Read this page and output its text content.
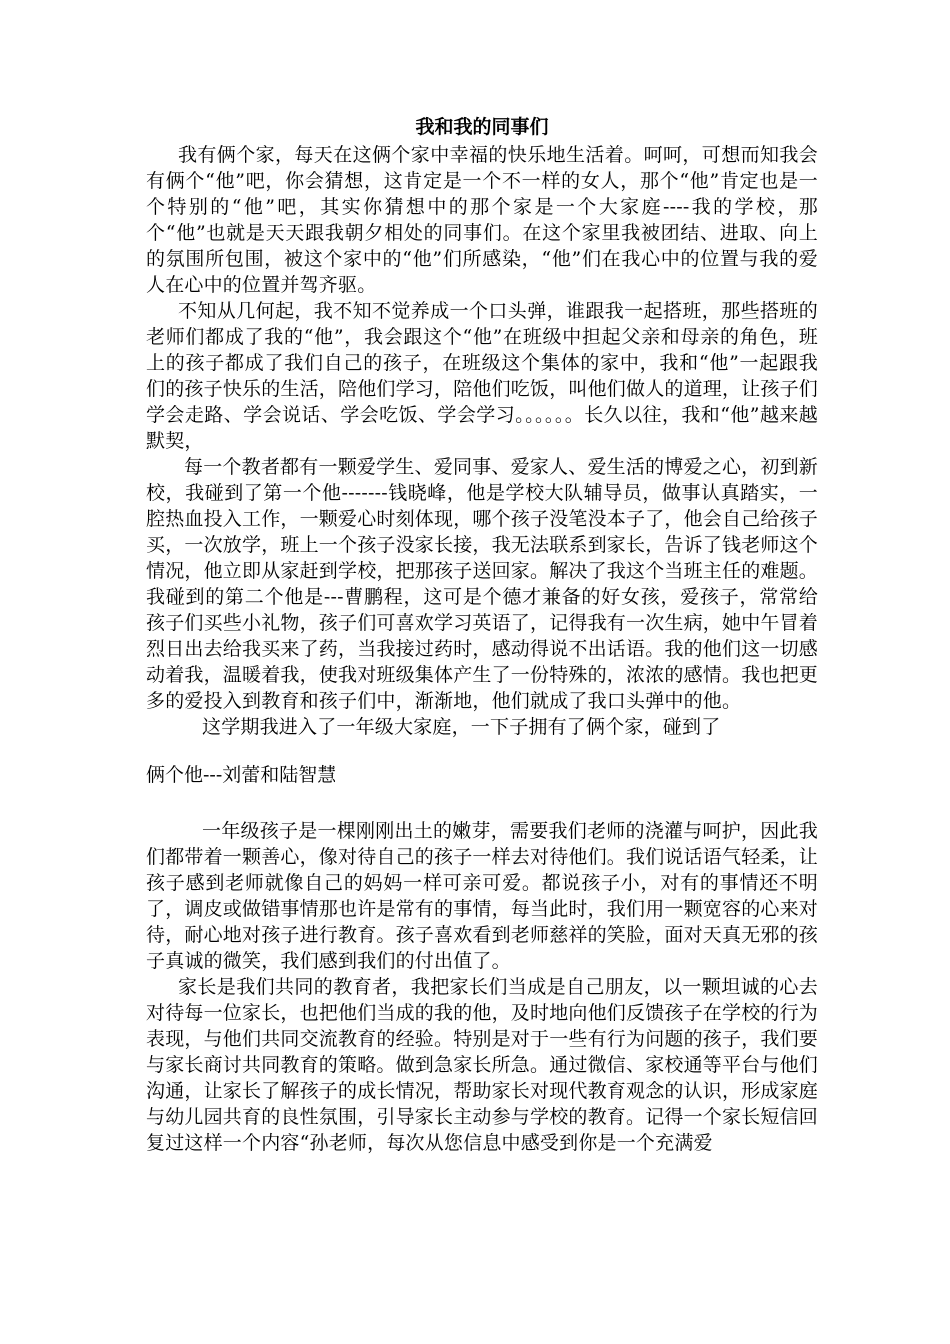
我和我的同事们

我有俩个家，每天在这俩个家中幸福的快乐地生活着。呵呵，可想而知我会有俩个“他”吧，你会猜想，这肯定是一个不一样的女人，那个“他”肯定也是一个特别的“他”吧，其实你猜想中的那个家是一个大家庭----我的学校，那个“他”也就是天天跟我朝夕相处的同事们。在这个家里我被团结、进取、向上的氛围所包围，被这个家中的“他”们所感染，“他”们在我心中的位置与我的爱人在心中的位置并驾齐驱。

不知从几何起，我不知不觉养成一个口头弹，谁跟我一起搭班，那些搭班的老师们都成了我的“他”，我会跟这个“他”在班级中担起父亲和母亲的角色，班上的孩子都成了我们自己的孩子，在班级这个集体的家中，我和“他”一起跟我们的孩子快乐的生活，陪他们学习，陪他们吃饭，叫他们做人的道理，让孩子们学会走路、学会说话、学会吃饭、学会学习。。。。。。长久以往，我和“他”越来越默契，

每一个教者都有一颗爱学生、爱同事、爱家人、爱生活的博爱之心，初到新校，我碰到了第一个他-------钱晓峰，他是学校大队辅导员，做事认真踏实，一腔热血投入工作，一颗爱心时刻体现，哪个孩子没笔没本子了，他会自己给孩子买，一次放学，班上一个孩子没家长接，我无法联系到家长，告诉了钱老师这个情况，他立即从家赶到学校，把那孩子送回家。解决了我这个当班主任的难题。我碰到的第二个他是---曹鹏程，这可是个德才兼备的好女孩，爱孩子，常常给孩子们买些小礼物，孩子们可喜欢学习英语了，记得我有一次生病，她中午冒着烈日出去给我买来了药，当我接过药时，感动得说不出话语。我的他们这一切感动着我，温暖着我，使我对班级集体产生了一份特殊的，浓浓的感情。我也把更多的爱投入到教育和孩子们中，渐渐地，他们就成了我口头弹中的他。

这学期我进入了一年级大家庭，一下子拥有了俩个家，碰到了

俩个他---刘蕾和陆智慧

一年级孩子是一棵刚刚出土的嫩芽，需要我们老师的浇灌与呵护，因此我们都带着一颗善心，像对待自己的孩子一样去对待他们。我们说话语气轻柔，让孩子感到老师就像自己的妈妈一样可亲可爱。都说孩子小，对有的事情还不明了，调皮或做错事情那也许是常有的事情，每当此时，我们用一颗宽容的心来对待，耐心地对孩子进行教育。孩子喜欢看到老师慈祥的笑脸，面对天真无邪的孩子真诚的微笑，我们感到我们的付出值了。

家长是我们共同的教育者，我把家长们当成是自己朋友，以一颗坦诚的心去对待每一位家长，也把他们当成的我的他，及时地向他们反馈孩子在学校的行为表现，与他们共同交流教育的经验。特别是对于一些有行为问题的孩子，我们要与家长商讨共同教育的策略。做到急家长所急。通过微信、家校通等平台与他们沟通，让家长了解孩子的成长情况，帮助家长对现代教育观念的认识，形成家庭与幼儿园共育的良性氛围，引导家长主动参与学校的教育。记得一个家长短信回复过这样一个内容“孙老师，每次从您信息中感受到你是一个充满爱
